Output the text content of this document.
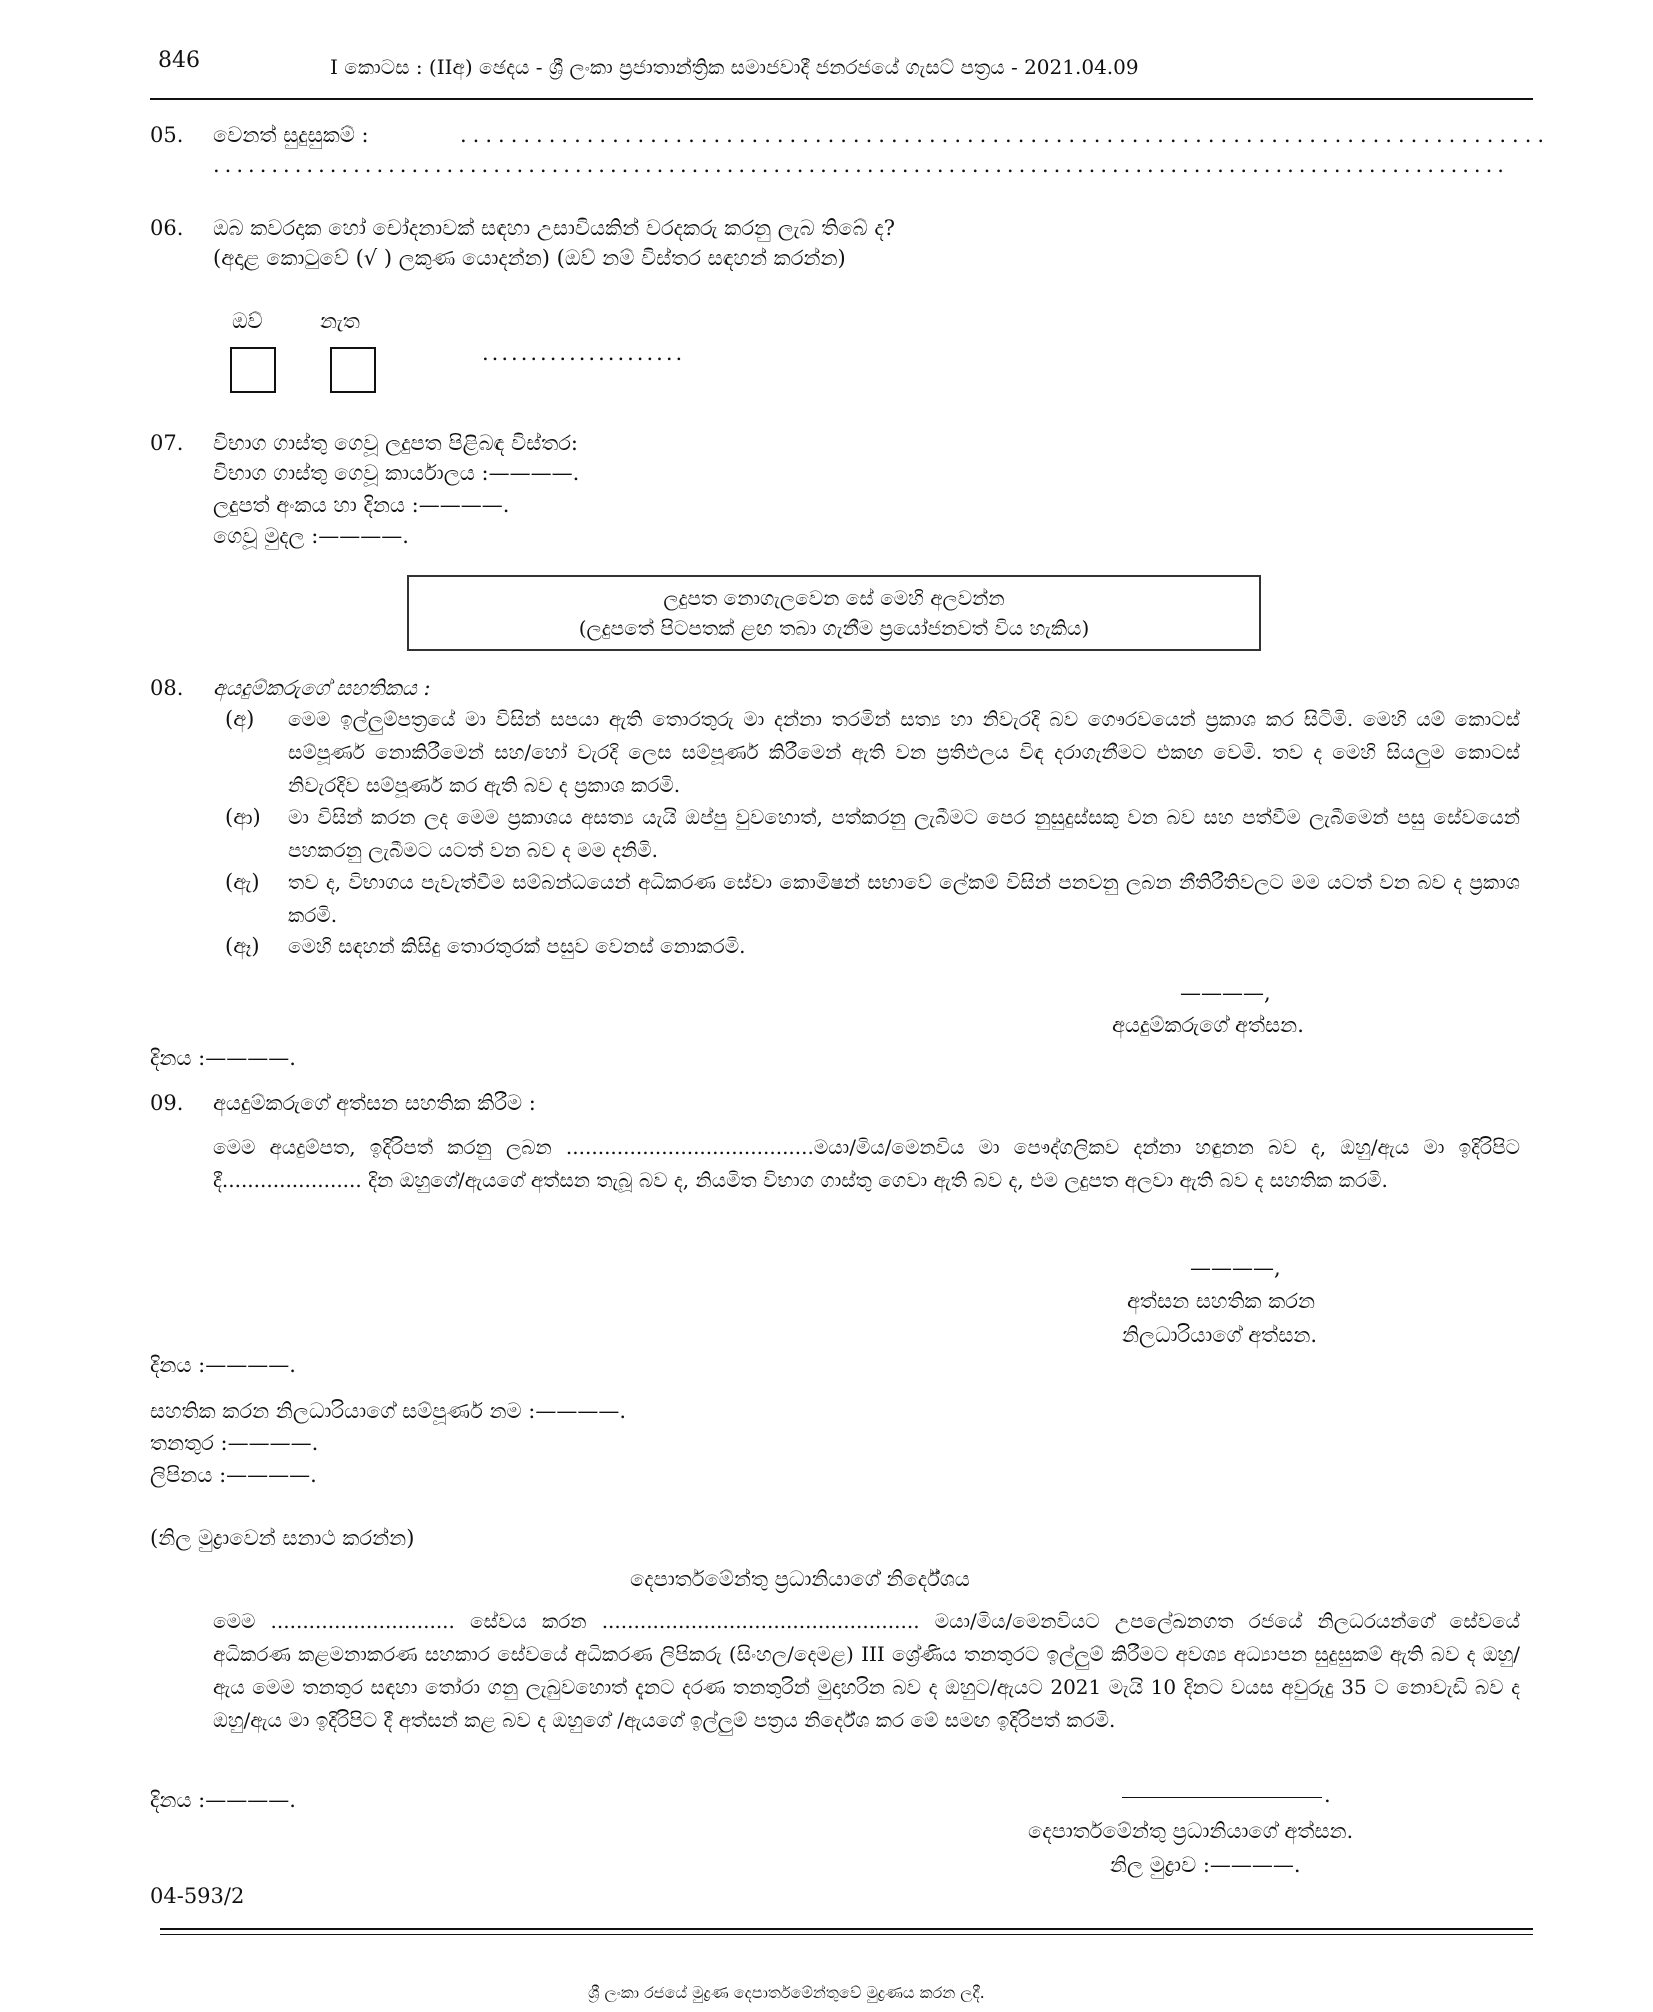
846	I කොටස : (IIඅ) ඡෙදය - ශ්‍රී ලංකා ප්‍රජාතාන්ත්‍රික සමාජවාදී ජනරජයේ ගැසට් පත්‍රය - 2021.04.09
05. වෙනත් සුදුසුකම් :	......................................................................................
...............................................................................................................
06. ඔබ කවරදාක හෝ චෝදනාවක් සඳහා උසාවියකින් වරදකරු කරනු ලැබ තිබේ ද?
(අදාළ කොටුවේ (√ ) ලකුණ යොදන්න) (ඔව් නම් විස්තර සඳහන් කරන්න)
ඔව්	නැත
.....................
07. විභාග ගාස්තු ගෙවූ ලදුපත පිළිබඳ විස්තර:
විභාග ගාස්තු ගෙවූ කාර්යාලය :————.
ලදුපත් අංකය හා දිනය :————.
ගෙවූ මුදල :————.
ලදුපත නොගැලවෙන සේ මෙහි අලවන්න
(ලදුපතේ පිටපතක් ළඟ තබා ගැනීම ප්‍රයෝජනවත් විය හැකිය)
08. අයදුම්කරුගේ සහතිකය :
(අ) මෙම ඉල්ලුම්පත්‍රයේ මා විසින් සපයා ඇති තොරතුරු මා දන්නා තරමින් සත්‍ය හා නිවැරදි බව ගෞරවයෙන් ප්‍රකාශ කර සිටිමි. මෙහි යම් කොටස් සම්පූර්ණ නොකිරීමෙන් සහ/හෝ වැරදි ලෙස සම්පූර්ණ කිරීමෙන් ඇති වන ප්‍රතිඵලය විඳ දරාගැනීමට එකඟ වෙමි. තව ද මෙහි සියලුම කොටස් නිවැරදිව සම්පූර්ණ කර ඇති බව ද ප්‍රකාශ කරමි.
(ආ) මා විසින් කරන ලද මෙම ප්‍රකාශය අසත්‍ය යැයි ඔප්පු වුවහොත්, පත්කරනු ලැබීමට පෙර නුසුදුස්සකු වන බව සහ පත්වීම ලැබීමෙන් පසු සේවයෙන් පහකරනු ලැබීමට යටත් වන බව ද මම දනිමි.
(ඇ) තව ද, විභාගය පැවැත්වීම සම්බන්ධයෙන් අධිකරණ සේවා කොමිෂන් සභාවේ ලේකම් විසින් පනවනු ලබන නීතිරීතිවලට මම යටත් වන බව ද ප්‍රකාශ කරමි.
(ඈ) මෙහි සඳහන් කිසිදු තොරතුරක් පසුව වෙනස් නොකරමි.
————,
අයදුම්කරුගේ අත්සන.
දිනය :————.
09. අයදුම්කරුගේ අත්සන සහතික කිරීම :
මෙම අයදුම්පත, ඉදිරිපත් කරනු ලබන .......................................මයා/මිය/මෙනවිය මා පෞද්ගලිකව දන්නා හඳුනන බව ද, ඔහු/ඇය මා ඉදිරිපිට දී...................... දින ඔහුගේ/ඇයගේ අත්සන තැබූ බව ද, නියමිත විභාග ගාස්තු ගෙවා ඇති බව ද, එම ලදුපත අලවා ඇති බව ද සහතික කරමි.
————,
අත්සන සහතික කරන
නිලධාරියාගේ අත්සන.
දිනය :————.
සහතික කරන නිලධාරියාගේ සම්පූර්ණ නම :————.
තනතුර :————.
ලිපිනය :————.
(නිල මුද්‍රාවෙන් සනාථ කරන්න)
දෙපාර්තමේන්තු ප්‍රධානියාගේ නිර්දේශය
මෙම ............................. සේවය කරන .................................................. මයා/මිය/මෙනවියට උපලේඛනගත රජයේ නිලධරයන්ගේ සේවයේ අධිකරණ කළමනාකරණ සහකාර සේවයේ අධිකරණ ලිපිකරු (සිංහල/දෙමළ) III ශ්‍රේණිය තනතුරට ඉල්ලුම් කිරීමට අවශ්‍ය අධ්‍යාපන සුදුසුකම් ඇති බව ද ඔහු/ඇය මෙම තනතුර සඳහා තෝරා ගනු ලැබුවහොත් දැනට දරණ තනතුරින් මුදාහරින බව ද ඔහුට/ඇයට 2021 මැයි 10 දිනට වයස අවුරුදු 35 ට නොවැඩි බව ද ඔහු/ඇය මා ඉදිරිපිට දී අත්සන් කළ බව ද ඔහුගේ /ඇයගේ ඉල්ලුම් පත්‍රය නිර්දේශ කර මේ සමඟ ඉදිරිපත් කරමි.
දිනය :————.	.
දෙපාර්තමේන්තු ප්‍රධානියාගේ අත්සන.
නිල මුද්‍රාව :————.
04-593/2
ශ්‍රී ලංකා රජයේ මුද්‍රණ දෙපාර්තමේන්තුවේ මුද්‍රණය කරන ලදී.
